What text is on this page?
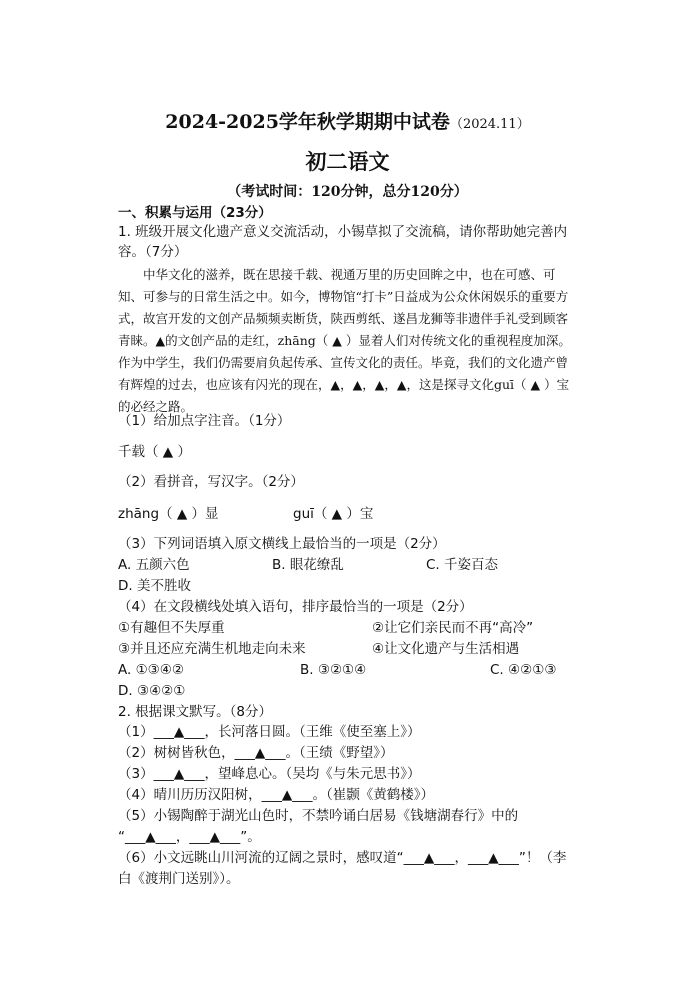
2024-2025学年秋学期期中试卷（2024.11）
初二语文
（考试时间：120分钟，总分120分）
一、积累与运用（23分）
1. 班级开展文化遗产意义交流活动，小锡草拟了交流稿，请你帮助她完善内容。（7分）
中华文化的滋养，既在思接千载、视通万里的历史回眸之中，也在可感、可知、可参与的日常生活之中。如今，博物馆“打卡”日益成为公众休闲娱乐的重要方式，故宫开发的文创产品频频卖断货，陕西剪纸、遂昌龙狮等非遗伴手礼受到顾客青睐。▲的文创产品的走红，zhāng（ ▲ ）显着人们对传统文化的重视程度加深。作为中学生，我们仍需要肩负起传承、宣传文化的责任。毕竟，我们的文化遗产曾有辉煌的过去，也应该有闪光的现在，▲，▲，▲，▲，这是探寻文化guī（ ▲ ）宝的必经之路。
（1）给加点字注音。（1分）
千载（ ▲ ）
（2）看拼音，写汉字。（2分）
zhāng（ ▲ ）显	guī（ ▲ ）宝
（3）下列词语填入原文横线上最恰当的一项是（2分）
A. 五颜六色	B. 眼花缭乱	C. 千姿百态
D. 美不胜收
（4）在文段横线处填入语句，排序最恰当的一项是（2分）
①有趣但不失厚重	②让它们亲民而不再“高冷”
③并且还应充满生机地走向未来	④让文化遗产与生活相遇
A. ①③④②	B. ③②①④	C. ④②①③
D. ③④②①
2. 根据课文默写。（8分）
（1）___▲___，长河落日圆。（王维《使至塞上》）
（2）树树皆秋色，___▲___。（王绩《野望》）
（3）___▲___，望峰息心。（吴均《与朱元思书》）
（4）晴川历历汉阳树，___▲___。（崔颢《黄鹤楼》）
（5）小锡陶醉于湖光山色时，不禁吟诵白居易《钱塘湖春行》中的
“___▲___，___▲___”。
（6）小文远眺山川河流的辽阔之景时，感叹道“___▲___，___▲___”！（李
白《渡荆门送别》）。
